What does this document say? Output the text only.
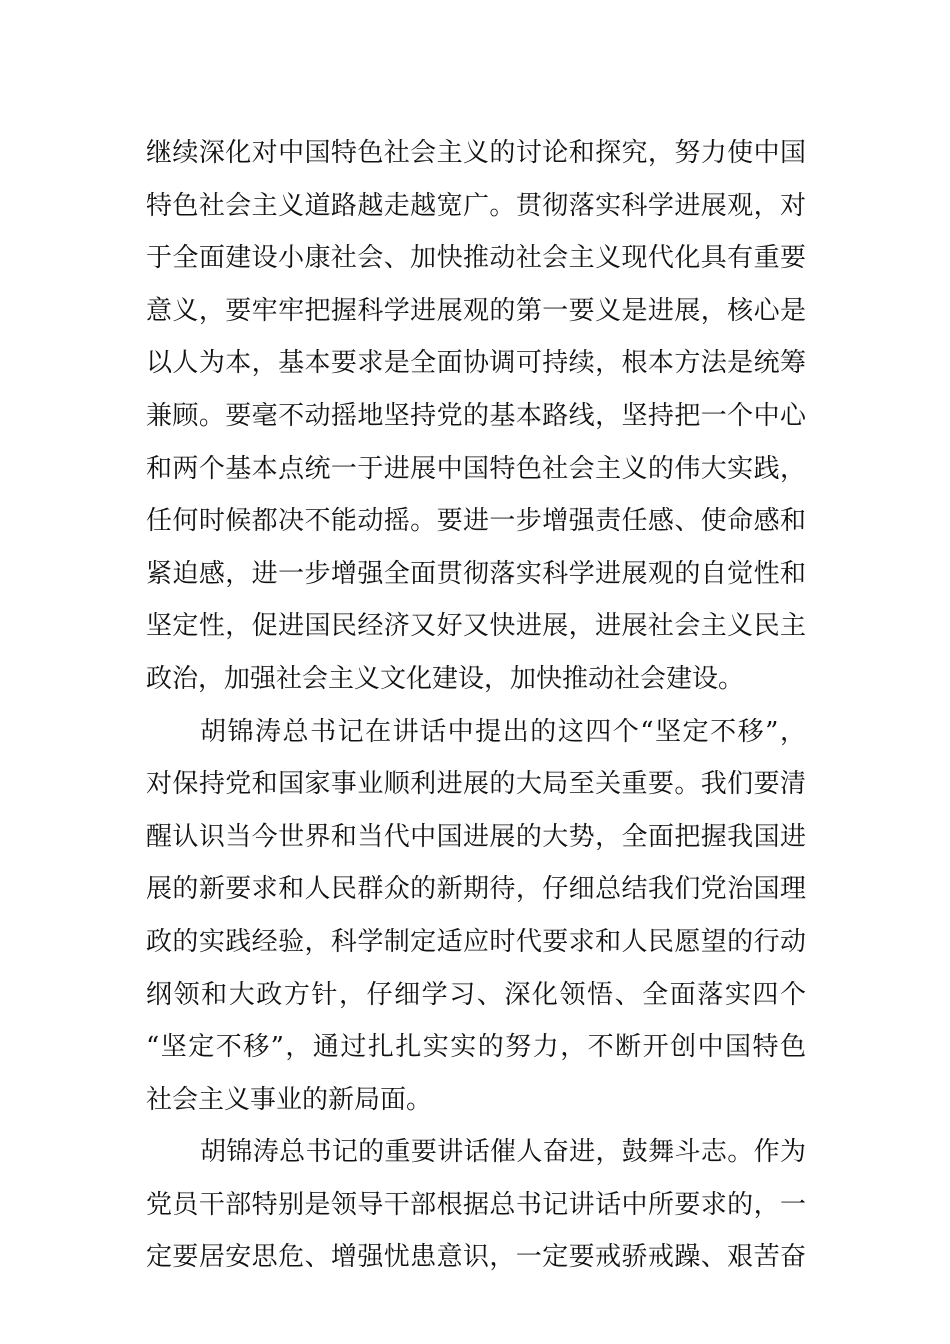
继续深化对中国特色社会主义的讨论和探究，努力使中国
特色社会主义道路越走越宽广。贯彻落实科学进展观，对
于全面建设小康社会、加快推动社会主义现代化具有重要
意义，要牢牢把握科学进展观的第一要义是进展，核心是
以人为本，基本要求是全面协调可持续，根本方法是统筹
兼顾。要毫不动摇地坚持党的基本路线，坚持把一个中心
和两个基本点统一于进展中国特色社会主义的伟大实践，
任何时候都决不能动摇。要进一步增强责任感、使命感和
紧迫感，进一步增强全面贯彻落实科学进展观的自觉性和
坚定性，促进国民经济又好又快进展，进展社会主义民主
政治，加强社会主义文化建设，加快推动社会建设。
胡锦涛总书记在讲话中提出的这四个“坚定不移”，
对保持党和国家事业顺利进展的大局至关重要。我们要清
醒认识当今世界和当代中国进展的大势，全面把握我国进
展的新要求和人民群众的新期待，仔细总结我们党治国理
政的实践经验，科学制定适应时代要求和人民愿望的行动
纲领和大政方针，仔细学习、深化领悟、全面落实四个
“坚定不移”，通过扎扎实实的努力，不断开创中国特色
社会主义事业的新局面。
胡锦涛总书记的重要讲话催人奋进，鼓舞斗志。作为
党员干部特别是领导干部根据总书记讲话中所要求的，一
定要居安思危、增强忧患意识，一定要戒骄戒躁、艰苦奋
